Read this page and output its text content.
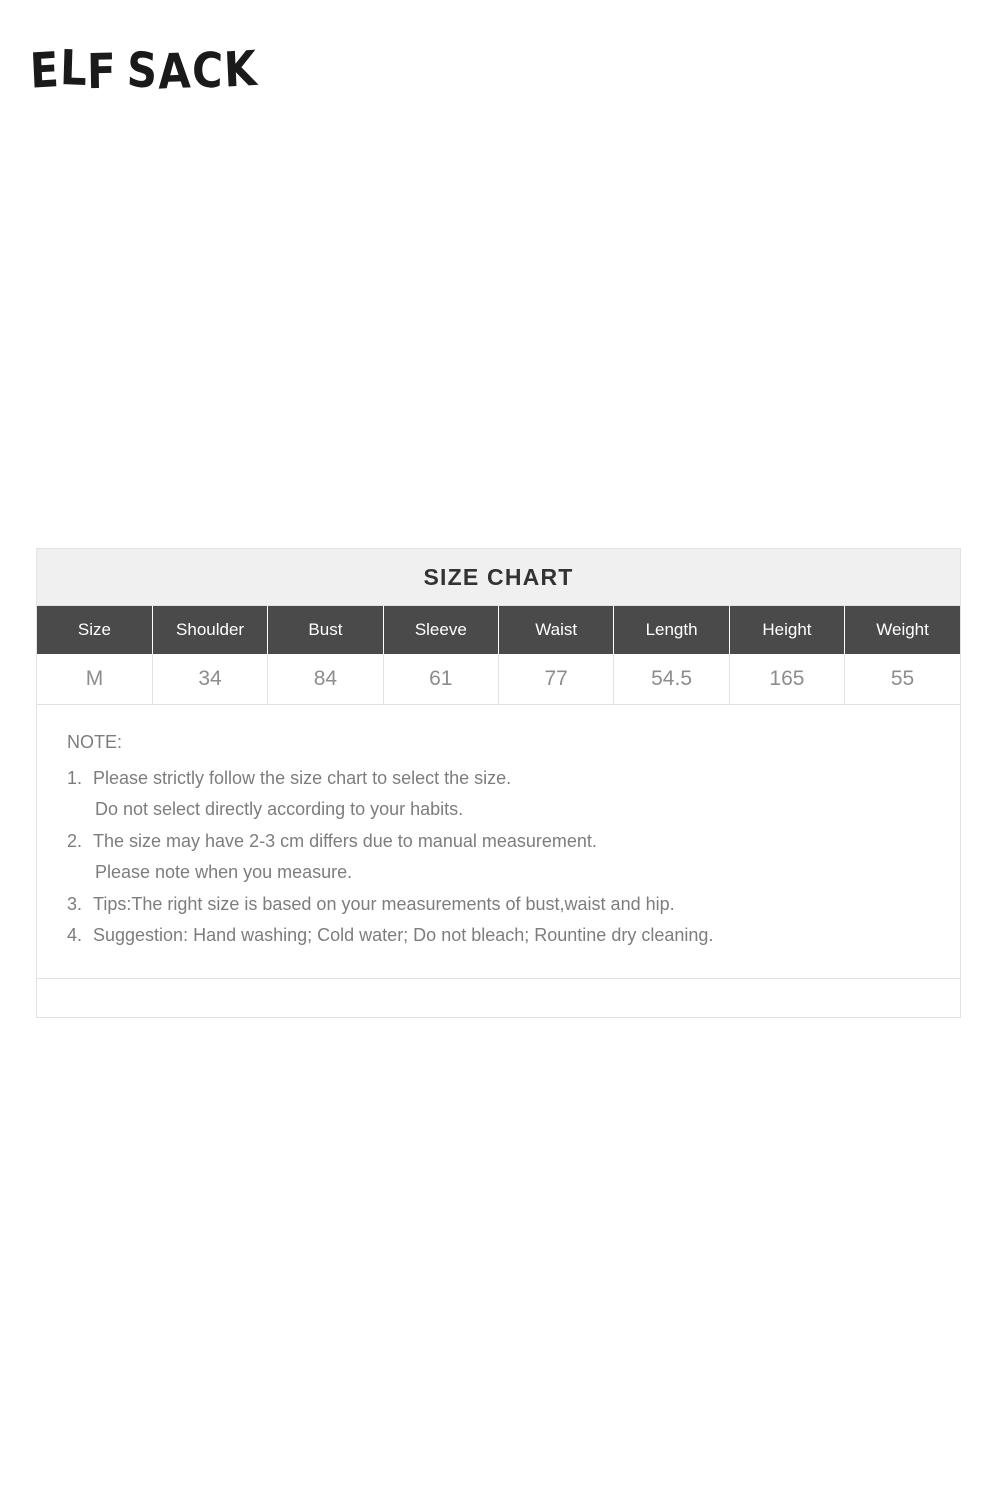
ELF SACK
SIZE CHART
Size	Shoulder	Bust	Sleeve	Waist	Length	Height	Weight
M	34	84	61	77	54.5	165	55
NOTE:
1. Please strictly follow the size chart to select the size.
Do not select directly according to your habits.
2. The size may have 2-3 cm differs due to manual measurement.
Please note when you measure.
3. Tips:The right size is based on your measurements of bust,waist and hip.
4. Suggestion: Hand washing; Cold water; Do not bleach; Rountine dry cleaning.
